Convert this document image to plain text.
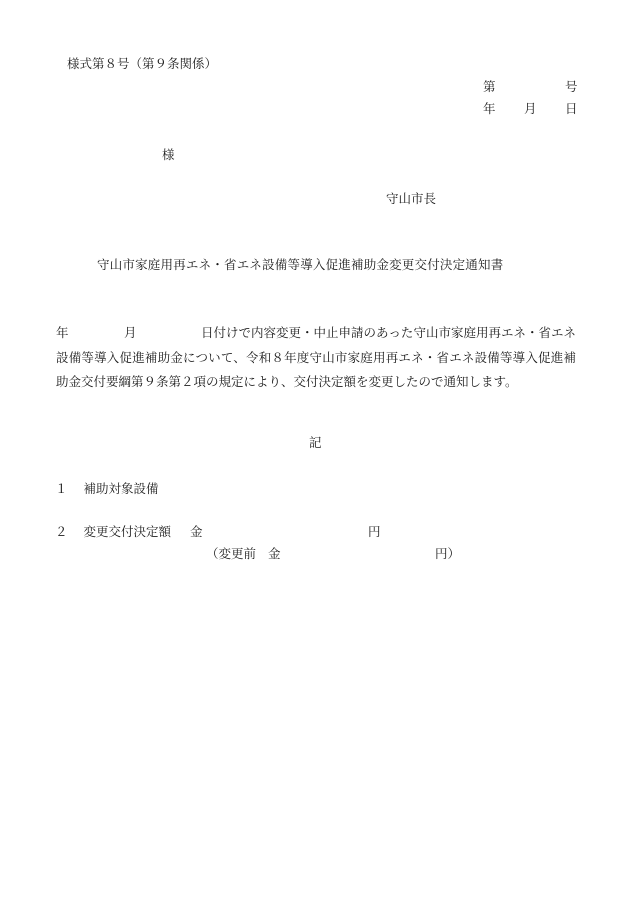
様式第８号（第９条関係）
第	号
年 月 日
様
守山市長
守山市家庭用再エネ・省エネ設備等導入促進補助金変更交付決定通知書
年	月	日付けで内容変更・中止申請のあった守山市家庭用再エネ・省エネ設備等導入促進補助金について、令和８年度守山市家庭用再エネ・省エネ設備等導入促進補助金交付要綱第９条第２項の規定により、交付決定額を変更したので通知します。
記
１ 補助対象設備
２ 変更交付決定額 金	円
（変更前 金	円）
